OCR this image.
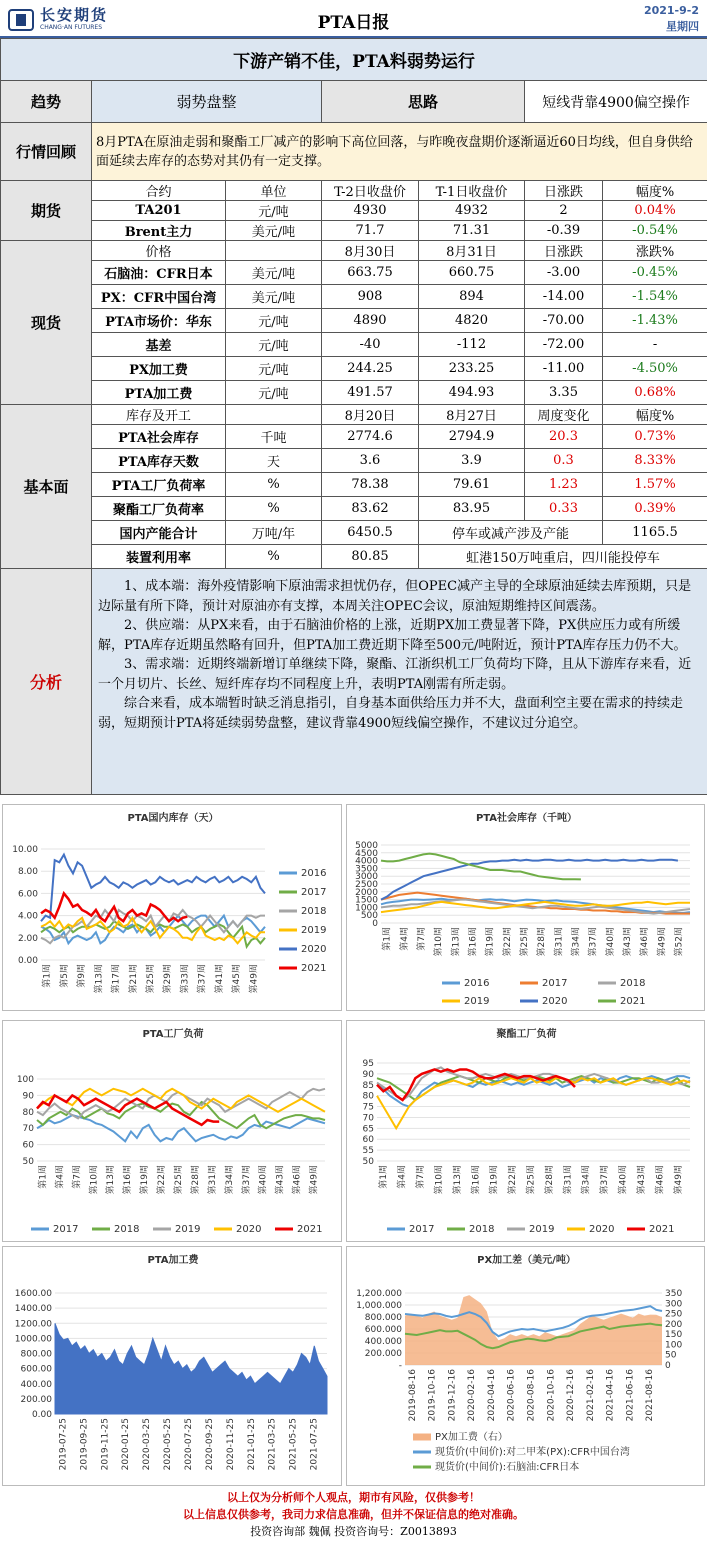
长安期货
CHANG·AN FUTURES	PTA日报
2021-9-2
星期四
下游产销不佳，PTA料弱势运行						
趋势	弱势盘整		思路		短线背靠4900偏空操作	
行情回顾	8月PTA在原油走弱和聚酯工厂减产的影响下高位回落，与昨晚夜盘期价逐渐逼近60日均线，但自身供给面延续去库存的态势对其仍有一定支撑。					
期货	合约	单位	T-2日收盘价	T-1日收盘价	日涨跌	幅度%
	TA201	元/吨	4930	4932	2	0.04%
	Brent主力	美元/吨	71.7	71.31	-0.39	-0.54%
现货	价格		8月30日	8月31日	日涨跌	涨跌%
	石脑油：CFR日本	美元/吨	663.75	660.75	-3.00	-0.45%
	PX：CFR中国台湾	美元/吨	908	894	-14.00	-1.54%
	PTA市场价：华东	元/吨	4890	4820	-70.00	-1.43%
	基差	元/吨	-40	-112	-72.00	-
	PX加工费	元/吨	244.25	233.25	-11.00	-4.50%
	PTA加工费	元/吨	491.57	494.93	3.35	0.68%
基本面	库存及开工		8月20日	8月27日	周度变化	幅度%
	PTA社会库存	千吨	2774.6	2794.9	20.3	0.73%
	PTA库存天数	天	3.6	3.9	0.3	8.33%
	PTA工厂负荷率	%	78.38	79.61	1.23	1.57%
	聚酯工厂负荷率	%	83.62	83.95	0.33	0.39%
	国内产能合计	万吨/年	6450.5	停车或减产涉及产能		1165.5
	装置利用率	%	80.85	虹港150万吨重启，四川能投停车		
分析	1、成本端：海外疫情影响下原油需求担忧仍存，但OPEC减产主导的全球原油延续去库预期，只是边际量有所下降，预计对原油亦有支撑，本周关注OPEC会议，原油短期维持区间震荡。

2、供应端：从PX来看，由于石脑油价格的上涨，近期PX加工费显著下降，PX供应压力或有所缓解，PTA库存近期虽然略有回升，但PTA加工费近期下降至500元/吨附近，预计PTA库存压力仍不大。

3、需求端：近期终端新增订单继续下降，聚酯、江浙织机工厂负荷均下降，且从下游库存来看，近一个月切片、长丝、短纤库存均不同程度上升，表明PTA刚需有所走弱。

综合来看，成本端暂时缺乏消息指引，自身基本面供给压力并不大，盘面利空主要在需求的持续走弱，短期预计PTA将延续弱势盘整，建议背靠4900短线偏空操作，不建议过分追空。					

PTA国内库存（天）
0.00
2.00
4.00
6.00
8.00
10.00
第1周 第5周 第9周 第13周 第17周 第21周 第25周 第29周 第33周 第37周 第41周 第45周 第49周
2016
2017
2018
2019
2020
2021
PTA社会库存（千吨）
0
500
1000
1500
2000
2500
3000
3500
4000
4500
5000
第1周 第4周 第7周 第10周 第13周 第16周 第19周 第22周 第25周 第28周 第31周 第34周 第37周 第40周 第43周 第46周 第49周 第52周
2016	2017	2018
2019	2020	2021
PTA工厂负荷
50
60
70
80
90
100
第1周 第4周 第7周 第10周 第13周 第16周 第19周 第22周 第25周 第28周 第31周 第34周 第37周 第40周 第43周 第46周 第49周
2017	2018	2019	2020	2021
聚酯工厂负荷
50
55
60
65
70
75
80
85
90
95
第1周 第4周 第7周 第10周 第13周 第16周 第19周 第22周 第25周 第28周 第31周 第34周 第37周 第40周 第43周 第46周 第49周
2017	2018	2019	2020	2021
PTA加工费
0.00
200.00
400.00
600.00
800.00
1000.00
1200.00
1400.00
1600.00
2019-07-25 2019-09-25 2019-11-25 2020-01-25 2020-03-25 2020-05-25 2020-07-25 2020-09-25 2020-11-25 2021-01-25 2021-03-25 2021-05-25 2021-07-25
PX加工差（美元/吨）
-
200.000
400.000
600.000
800.000
1,000.000
1,200.000
0
50
100
150
200
250
300
350
2019-08-16 2019-10-16 2019-12-16 2020-02-16 2020-04-16 2020-06-16 2020-08-16 2020-10-16 2020-12-16 2021-02-16 2021-04-16 2021-06-16 2021-08-16
PX加工费（右）
现货价(中间价):对二甲苯(PX):CFR中国台湾
现货价(中间价):石脑油:CFR日本
以上仅为分析师个人观点，期市有风险，仅供参考！
以上信息仅供参考，我司力求信息准确，但并不保证信息的绝对准确。
投资咨询部 魏佩 投资咨询号：Z0013893
